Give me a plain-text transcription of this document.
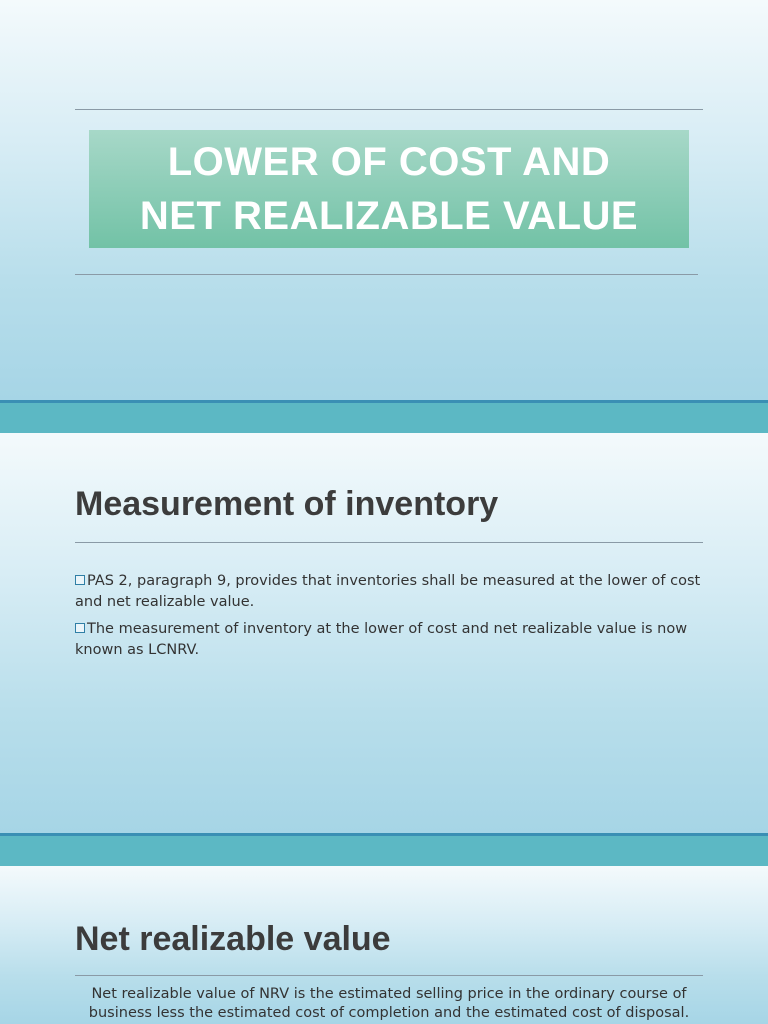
LOWER OF COST AND
NET REALIZABLE VALUE
Measurement of inventory
PAS 2, paragraph 9, provides that inventories shall be measured at the lower of cost and net realizable value.
The measurement of inventory at the lower of cost and net realizable value is now known as LCNRV.
Net realizable value

Net realizable value of NRV is the estimated selling price in the ordinary course of business less the estimated cost of completion and the estimated cost of disposal.
